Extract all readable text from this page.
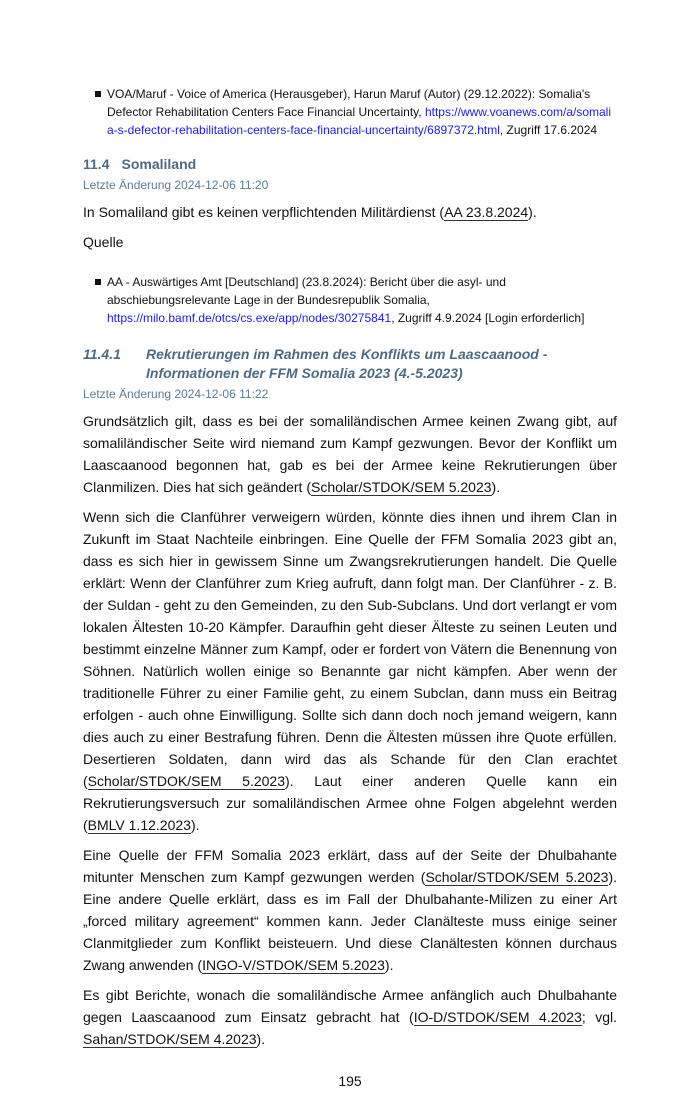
VOA/Maruf - Voice of America (Herausgeber), Harun Maruf (Autor) (29.12.2022): Somalia's Defector Rehabilitation Centers Face Financial Uncertainty, https://www.voanews.com/a/somalia-s-defector-rehabilitation-centers-face-financial-uncertainty/6897372.html, Zugriff 17.6.2024
11.4 Somaliland
Letzte Änderung 2024-12-06 11:20
In Somaliland gibt es keinen verpflichtenden Militärdienst (AA 23.8.2024).
Quelle
AA - Auswärtiges Amt [Deutschland] (23.8.2024): Bericht über die asyl- und abschiebungsrelevante Lage in der Bundesrepublik Somalia, https://milo.bamf.de/otcs/cs.exe/app/nodes/30275841, Zugriff 4.9.2024 [Login erforderlich]
11.4.1 Rekrutierungen im Rahmen des Konflikts um Laascaanood - Informationen der FFM Somalia 2023 (4.-5.2023)
Letzte Änderung 2024-12-06 11:22
Grundsätzlich gilt, dass es bei der somaliländischen Armee keinen Zwang gibt, auf somaliländischer Seite wird niemand zum Kampf gezwungen. Bevor der Konflikt um Laascaanood begonnen hat, gab es bei der Armee keine Rekrutierungen über Clanmilizen. Dies hat sich geändert (Scholar/STDOK/SEM 5.2023).
Wenn sich die Clanführer verweigern würden, könnte dies ihnen und ihrem Clan in Zukunft im Staat Nachteile einbringen. Eine Quelle der FFM Somalia 2023 gibt an, dass es sich hier in gewissem Sinne um Zwangsrekrutierungen handelt. Die Quelle erklärt: Wenn der Clanführer zum Krieg aufruft, dann folgt man. Der Clanführer - z. B. der Suldan - geht zu den Gemeinden, zu den Sub-Subclans. Und dort verlangt er vom lokalen Ältesten 10-20 Kämpfer. Daraufhin geht dieser Älteste zu seinen Leuten und bestimmt einzelne Männer zum Kampf, oder er fordert von Vätern die Benennung von Söhnen. Natürlich wollen einige so Benannte gar nicht kämpfen. Aber wenn der traditionelle Führer zu einer Familie geht, zu einem Subclan, dann muss ein Beitrag erfolgen - auch ohne Einwilligung. Sollte sich dann doch noch jemand weigern, kann dies auch zu einer Bestrafung führen. Denn die Ältesten müssen ihre Quote erfüllen. Desertieren Soldaten, dann wird das als Schande für den Clan erachtet (Scholar/STDOK/SEM 5.2023). Laut einer anderen Quelle kann ein Rekrutierungsversuch zur somaliländischen Armee ohne Folgen abgelehnt werden (BMLV 1.12.2023).
Eine Quelle der FFM Somalia 2023 erklärt, dass auf der Seite der Dhulbahante mitunter Menschen zum Kampf gezwungen werden (Scholar/STDOK/SEM 5.2023). Eine andere Quelle erklärt, dass es im Fall der Dhulbahante-Milizen zu einer Art „forced military agreement“ kommen kann. Jeder Clanälteste muss einige seiner Clanmitglieder zum Konflikt beisteuern. Und diese Clanältesten können durchaus Zwang anwenden (INGO-V/STDOK/SEM 5.2023).
Es gibt Berichte, wonach die somaliländische Armee anfänglich auch Dhulbahante gegen Laascaanood zum Einsatz gebracht hat (IO-D/STDOK/SEM 4.2023; vgl. Sahan/STDOK/SEM 4.2023).
195
